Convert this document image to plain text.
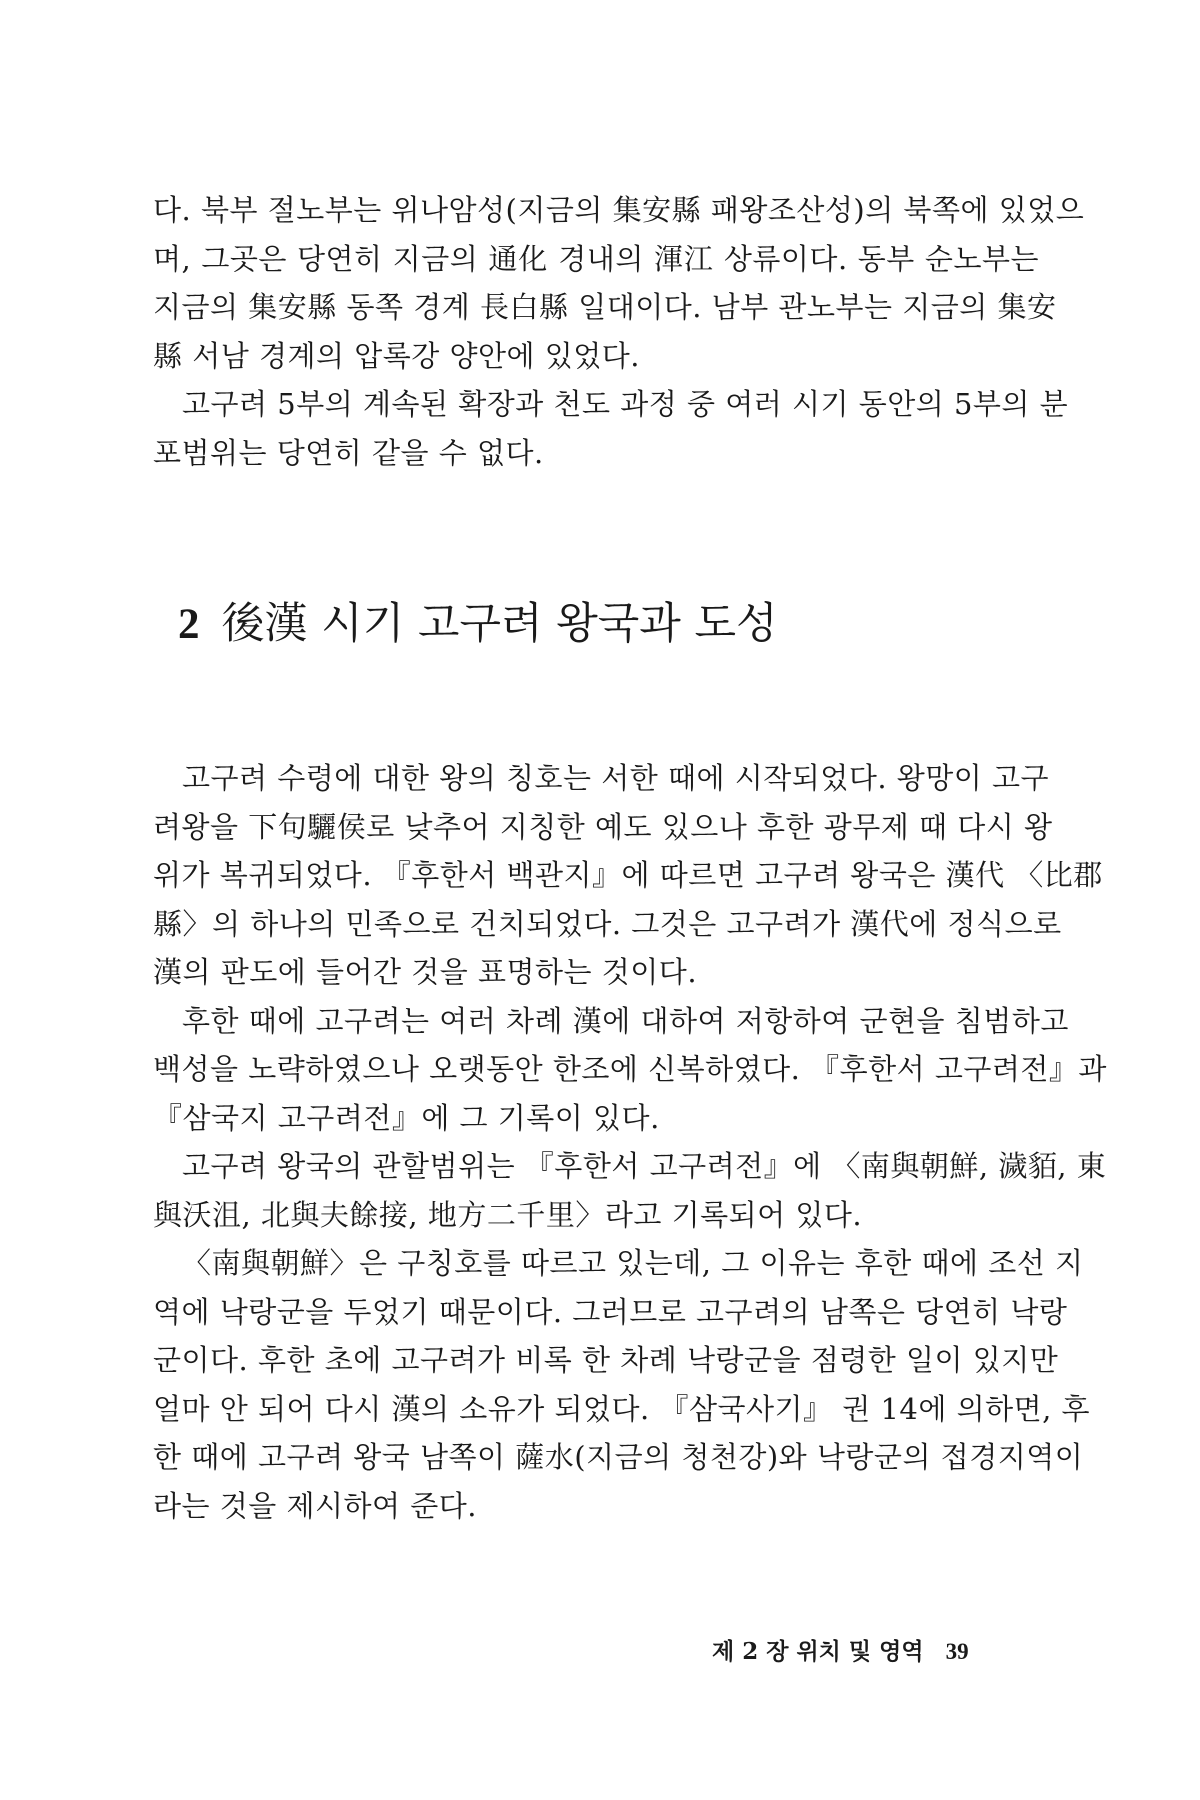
다. 북부 절노부는 위나암성(지금의 集安縣 패왕조산성)의 북쪽에 있었으
며, 그곳은 당연히 지금의 通化 경내의 渾江 상류이다. 동부 순노부는
지금의 集安縣 동쪽 경계 長白縣 일대이다. 남부 관노부는 지금의 集安
縣 서남 경계의 압록강 양안에 있었다.
고구려 5부의 계속된 확장과 천도 과정 중 여러 시기 동안의 5부의 분
포범위는 당연히 같을 수 없다.
2 後漢 시기 고구려 왕국과 도성
고구려 수령에 대한 왕의 칭호는 서한 때에 시작되었다. 왕망이 고구
려왕을 下句驪侯로 낮추어 지칭한 예도 있으나 후한 광무제 때 다시 왕
위가 복귀되었다. 『후한서 백관지』에 따르면 고구려 왕국은 漢代 〈比郡
縣〉의 하나의 민족으로 건치되었다. 그것은 고구려가 漢代에 정식으로
漢의 판도에 들어간 것을 표명하는 것이다.
후한 때에 고구려는 여러 차례 漢에 대하여 저항하여 군현을 침범하고
백성을 노략하였으나 오랫동안 한조에 신복하였다. 『후한서 고구려전』과
『삼국지 고구려전』에 그 기록이 있다.
고구려 왕국의 관할범위는 『후한서 고구려전』에 〈南與朝鮮, 濊貊, 東
與沃沮, 北與夫餘接, 地方二千里〉라고 기록되어 있다.
〈南與朝鮮〉은 구칭호를 따르고 있는데, 그 이유는 후한 때에 조선 지
역에 낙랑군을 두었기 때문이다. 그러므로 고구려의 남쪽은 당연히 낙랑
군이다. 후한 초에 고구려가 비록 한 차례 낙랑군을 점령한 일이 있지만
얼마 안 되어 다시 漢의 소유가 되었다. 『삼국사기』 권 14에 의하면, 후
한 때에 고구려 왕국 남쪽이 薩水(지금의 청천강)와 낙랑군의 접경지역이
라는 것을 제시하여 준다.
제 2 장 위치 및 영역 39
